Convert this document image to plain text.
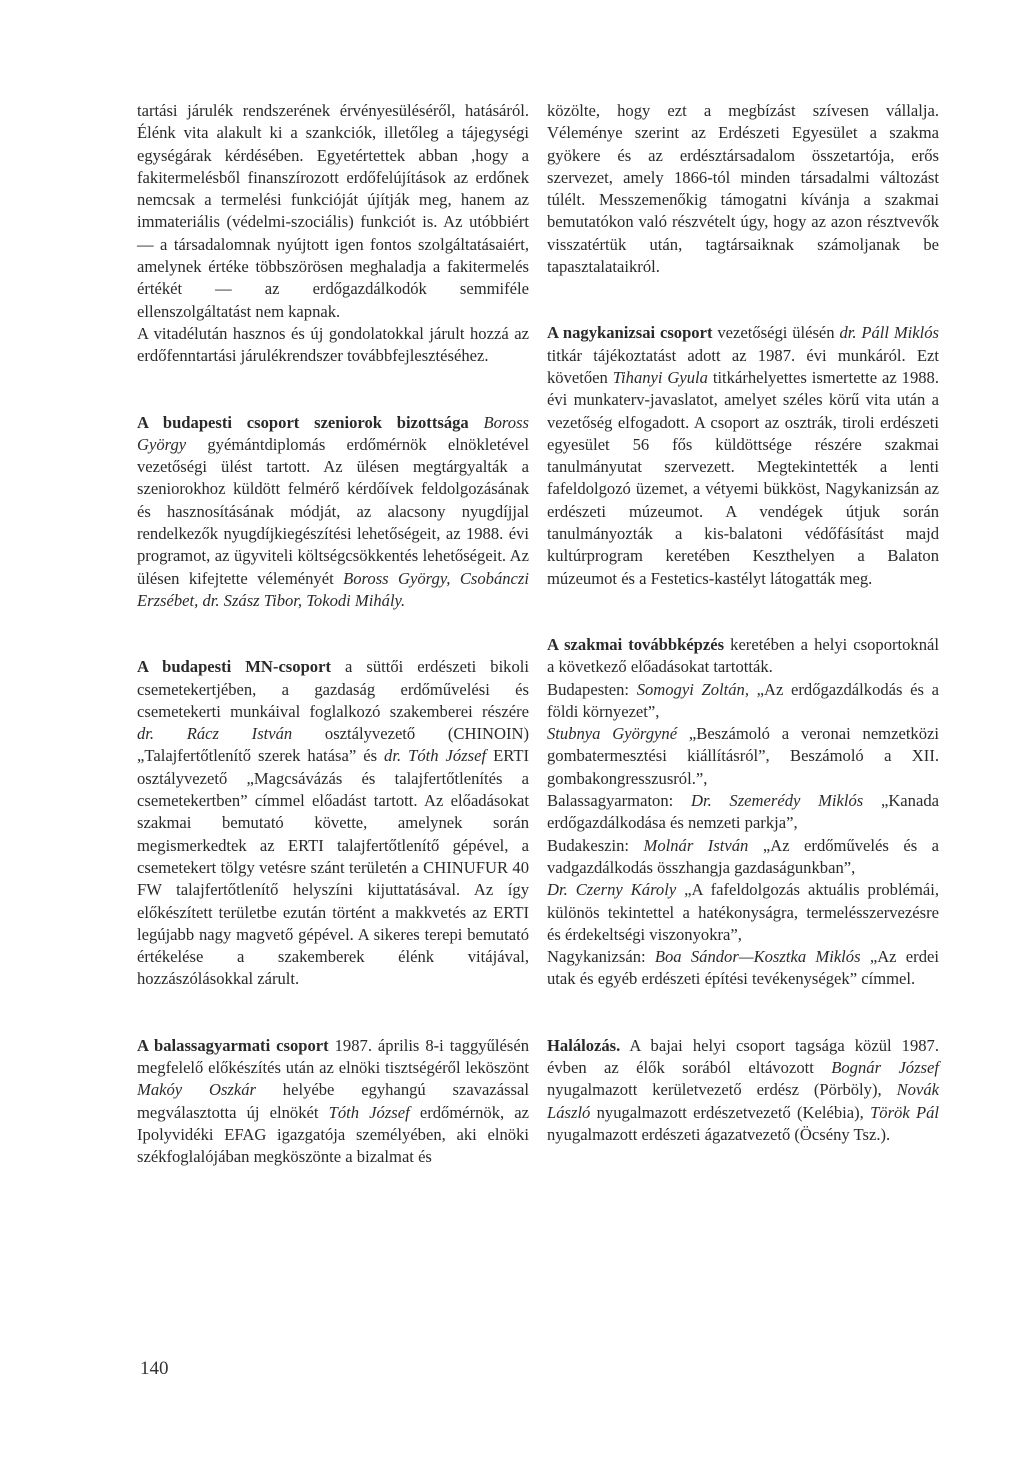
tartási járulék rendszerének érvényesüléséről, hatásáról. Élénk vita alakult ki a szankciók, illetőleg a tájegységi egységárak kérdésében. Egyetértettek abban ,hogy a fakitermelésből finanszírozott erdőfelújítások az erdőnek nemcsak a termelési funkcióját újítják meg, hanem az immateriális (védelmi-szociális) funkciót is. Az utóbbiért — a társadalomnak nyújtott igen fontos szolgáltatásaiért, amelynek értéke többszörösen meghaladja a fakitermelés értékét — az erdőgazdálkodók semmiféle ellenszolgáltatást nem kapnak.

A vitadélután hasznos és új gondolatokkal járult hozzá az erdőfenntartási járulékrendszer továbbfejlesztéséhez.

A budapesti csoport szeniorok bizottsága Boross György gyémántdiplomás erdőmérnök elnökletével vezetőségi ülést tartott. Az ülésen megtárgyalták a szeniorokhoz küldött felmérő kérdőívek feldolgozásának és hasznosításának módját, az alacsony nyugdíjjal rendelkezők nyugdíjkiegészítési lehetőségeit, az 1988. évi programot, az ügyviteli költségcsökkentés lehetőségeit. Az ülésen kifejtette véleményét Boross György, Csobánczi Erzsébet, dr. Szász Tibor, Tokodi Mihály.

A budapesti MN-csoport a süttői erdészeti bikoli csemetekertjében, a gazdaság erdőművelési és csemetekerti munkáival foglalkozó szakemberei részére dr. Rácz István osztályvezető (CHINOIN) „Talajfertőtlenítő szerek hatása” és dr. Tóth József ERTI osztályvezető „Magcsávázás és talajfertőtlenítés a csemetekertben” címmel előadást tartott. Az előadásokat szakmai bemutató követte, amelynek során megismerkedtek az ERTI talajfertőtlenítő gépével, a csemetekert tölgy vetésre szánt területén a CHINUFUR 40 FW talajfertőtlenítő helyszíni kijuttatásával. Az így előkészített területbe ezután történt a makkvetés az ERTI legújabb nagy magvető gépével. A sikeres terepi bemutató értékelése a szakemberek élénk vitájával, hozzászólásokkal zárult.

A balassagyarmati csoport 1987. április 8-i taggyűlésén megfelelő előkészítés után az elnöki tisztségéről leköszönt Makóy Oszkár helyébe egyhangú szavazással megválasztotta új elnökét Tóth József erdőmérnök, az Ipolyvidéki EFAG igazgatója személyében, aki elnöki székfoglalójában megköszönte a bizalmat és

közölte, hogy ezt a megbízást szívesen vállalja. Véleménye szerint az Erdészeti Egyesület a szakma gyökere és az erdésztársadalom összetartója, erős szervezet, amely 1866-tól minden társadalmi változást túlélt. Messzemenőkig támogatni kívánja a szakmai bemutatókon való részvételt úgy, hogy az azon résztvevők visszatértük után, tagtársaiknak számoljanak be tapasztalataikról.

A nagykanizsai csoport vezetőségi ülésén dr. Páll Miklós titkár tájékoztatást adott az 1987. évi munkáról. Ezt követően Tihanyi Gyula titkárhelyettes ismertette az 1988. évi munkaterv-javaslatot, amelyet széles körű vita után a vezetőség elfogadott. A csoport az osztrák, tiroli erdészeti egyesület 56 fős küldöttsége részére szakmai tanulmányutat szervezett. Megtekintették a lenti fafeldolgozó üzemet, a vétyemi bükköst, Nagykanizsán az erdészeti múzeumot. A vendégek útjuk során tanulmányozták a kis-balatoni védőfásítást majd kultúrprogram keretében Keszthelyen a Balaton múzeumot és a Festetics-kastélyt látogatták meg.

A szakmai továbbképzés keretében a helyi csoportoknál a következő előadásokat tartották.

Budapesten: Somogyi Zoltán, „Az erdőgazdálkodás és a földi környezet”,

Stubnya Györgyné „Beszámoló a veronai nemzetközi gombatermesztési kiállításról”, Beszámoló a XII. gombakongresszusról.”,

Balassagyarmaton: Dr. Szemerédy Miklós „Kanada erdőgazdálkodása és nemzeti parkja”,

Budakeszin: Molnár István „Az erdőművelés és a vadgazdálkodás összhangja gazdaságunkban”,

Dr. Czerny Károly „A fafeldolgozás aktuális problémái, különös tekintettel a hatékonyságra, termelésszervezésre és érdekeltségi viszonyokra”,

Nagykanizsán: Boa Sándor—Kosztka Miklós „Az erdei utak és egyéb erdészeti építési tevékenységek” címmel.

Halálozás. A bajai helyi csoport tagsága közül 1987. évben az élők sorából eltávozott Bognár József nyugalmazott kerületvezető erdész (Pörböly), Novák László nyugalmazott erdészetvezető (Kelébia), Török Pál nyugalmazott erdészeti ágazatvezető (Öcsény Tsz.).

140
